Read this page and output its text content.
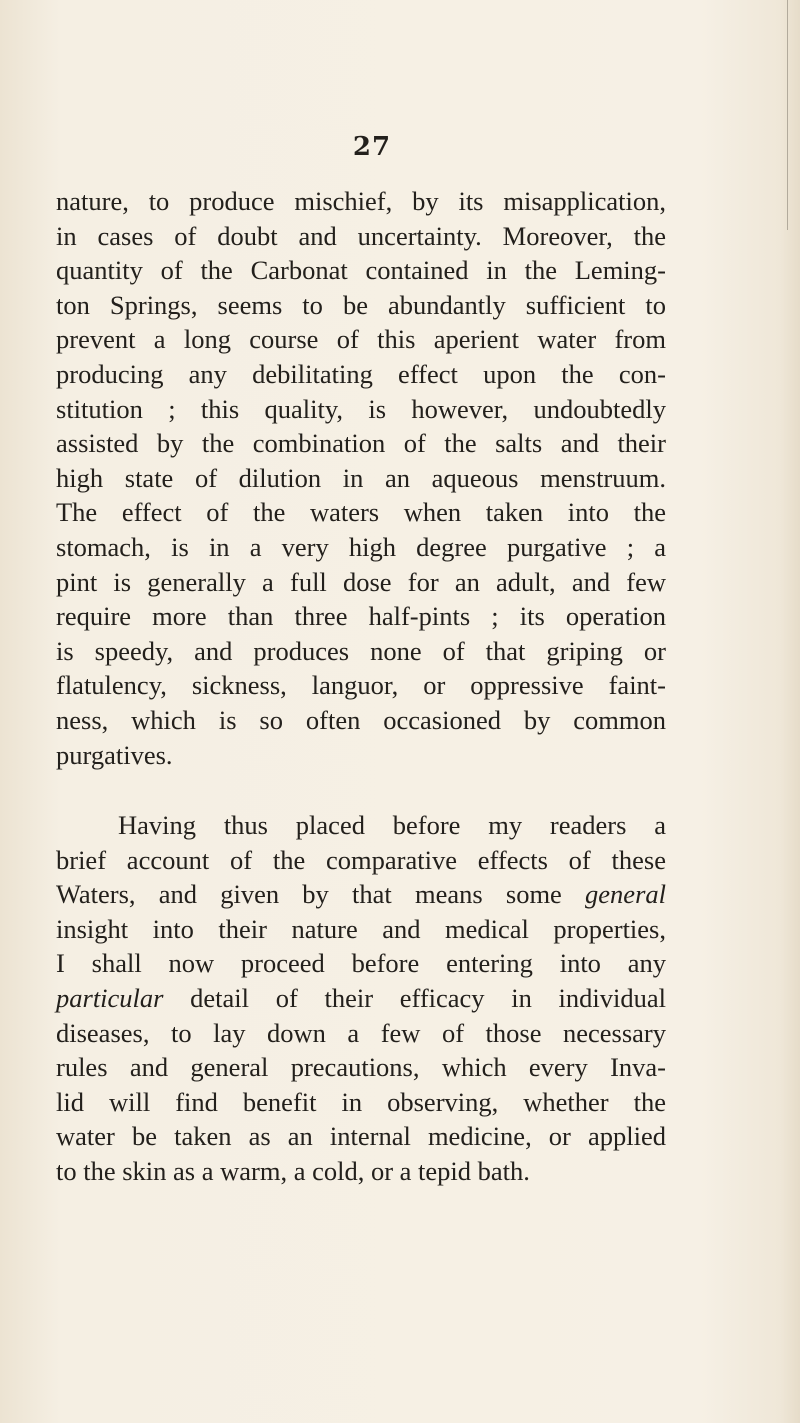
27
nature, to produce mischief, by its misapplication,
in cases of doubt and uncertainty. Moreover, the
quantity of the Carbonat contained in the Leming-
ton Springs, seems to be abundantly sufficient to
prevent a long course of this aperient water from
producing any debilitating effect upon the con-
stitution ; this quality, is however, undoubtedly
assisted by the combination of the salts and their
high state of dilution in an aqueous menstruum.
The effect of the waters when taken into the
stomach, is in a very high degree purgative ; a
pint is generally a full dose for an adult, and few
require more than three half-pints ; its operation
is speedy, and produces none of that griping or
flatulency, sickness, languor, or oppressive faint-
ness, which is so often occasioned by common
purgatives.
Having thus placed before my readers a
brief account of the comparative effects of these
Waters, and given by that means some general
insight into their nature and medical properties,
I shall now proceed before entering into any
particular detail of their efficacy in individual
diseases, to lay down a few of those necessary
rules and general precautions, which every Inva-
lid will find benefit in observing, whether the
water be taken as an internal medicine, or applied
to the skin as a warm, a cold, or a tepid bath.
